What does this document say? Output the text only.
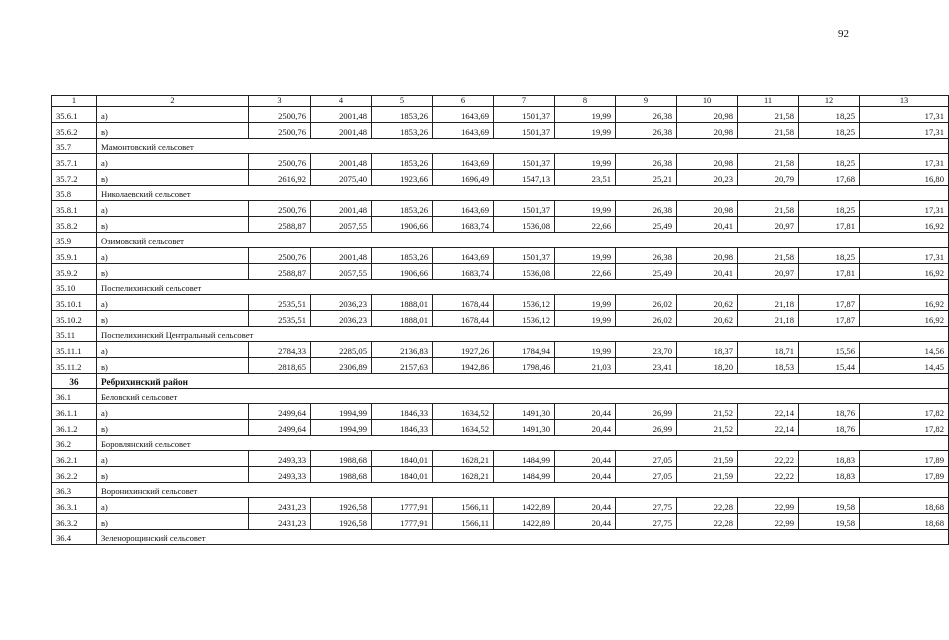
92
1	2	3	4	5	6	7	8	9	10	11	12	13
35.6.1	а)	2500,76	2001,48	1853,26	1643,69	1501,37	19,99	26,38	20,98	21,58	18,25	17,31
35.6.2	в)	2500,76	2001,48	1853,26	1643,69	1501,37	19,99	26,38	20,98	21,58	18,25	17,31
35.7	Мамонтовский сельсовет											
35.7.1	а)	2500,76	2001,48	1853,26	1643,69	1501,37	19,99	26,38	20,98	21,58	18,25	17,31
35.7.2	в)	2616,92	2075,40	1923,66	1696,49	1547,13	23,51	25,21	20,23	20,79	17,68	16,80
35.8	Николаевский сельсовет											
35.8.1	а)	2500,76	2001,48	1853,26	1643,69	1501,37	19,99	26,38	20,98	21,58	18,25	17,31
35.8.2	в)	2588,87	2057,55	1906,66	1683,74	1536,08	22,66	25,49	20,41	20,97	17,81	16,92
35.9	Озимовский сельсовет											
35.9.1	а)	2500,76	2001,48	1853,26	1643,69	1501,37	19,99	26,38	20,98	21,58	18,25	17,31
35.9.2	в)	2588,87	2057,55	1906,66	1683,74	1536,08	22,66	25,49	20,41	20,97	17,81	16,92
35.10	Поспелихинский сельсовет											
35.10.1	а)	2535,51	2036,23	1888,01	1678,44	1536,12	19,99	26,02	20,62	21,18	17,87	16,92
35.10.2	в)	2535,51	2036,23	1888,01	1678,44	1536,12	19,99	26,02	20,62	21,18	17,87	16,92
35.11	Поспелихинский Центральный сельсовет											
35.11.1	а)	2784,33	2285,05	2136,83	1927,26	1784,94	19,99	23,70	18,37	18,71	15,56	14,56
35.11.2	в)	2818,65	2306,89	2157,63	1942,86	1798,46	21,03	23,41	18,20	18,53	15,44	14,45
36	Ребрихинский район											
36.1	Беловский сельсовет											
36.1.1	а)	2499,64	1994,99	1846,33	1634,52	1491,30	20,44	26,99	21,52	22,14	18,76	17,82
36.1.2	в)	2499,64	1994,99	1846,33	1634,52	1491,30	20,44	26,99	21,52	22,14	18,76	17,82
36.2	Боровлянский сельсовет											
36.2.1	а)	2493,33	1988,68	1840,01	1628,21	1484,99	20,44	27,05	21,59	22,22	18,83	17,89
36.2.2	в)	2493,33	1988,68	1840,01	1628,21	1484,99	20,44	27,05	21,59	22,22	18,83	17,89
36.3	Воронихинский сельсовет											
36.3.1	а)	2431,23	1926,58	1777,91	1566,11	1422,89	20,44	27,75	22,28	22,99	19,58	18,68
36.3.2	в)	2431,23	1926,58	1777,91	1566,11	1422,89	20,44	27,75	22,28	22,99	19,58	18,68
36.4	Зеленорощинский сельсовет											
